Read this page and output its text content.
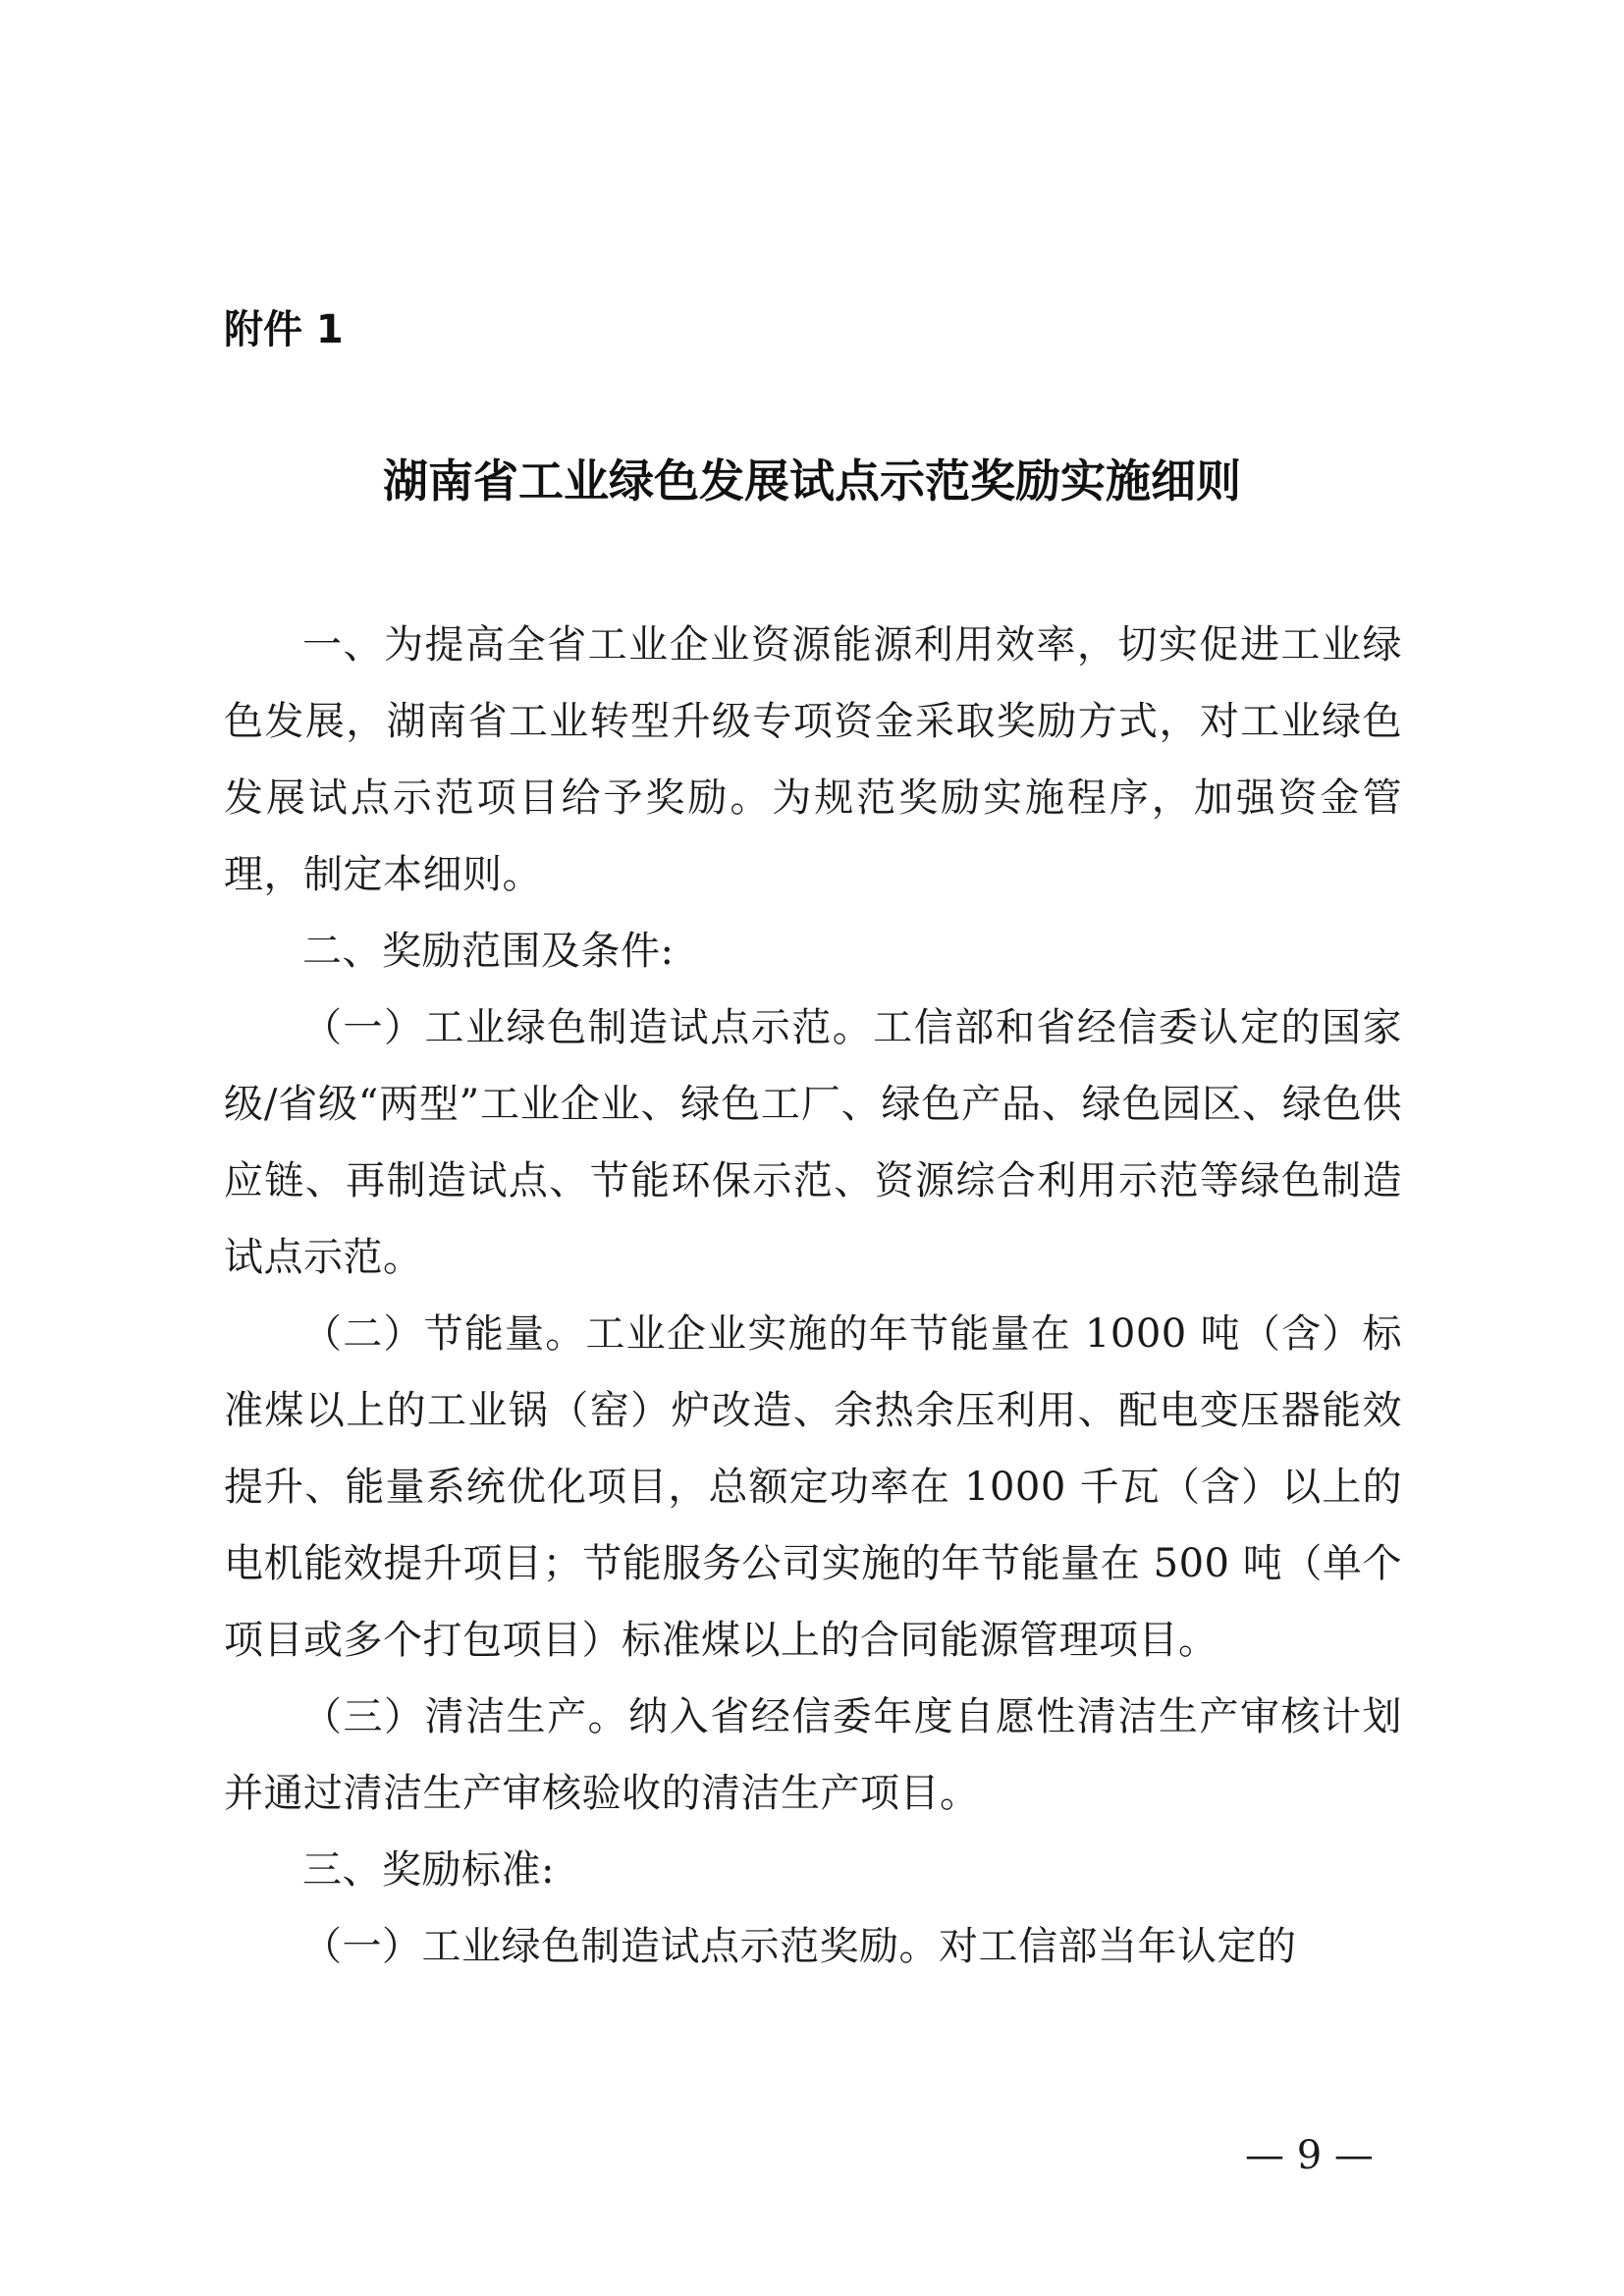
附件 1
湖南省工业绿色发展试点示范奖励实施细则

一、为提高全省工业企业资源能源利用效率，切实促进工业绿色发展，湖南省工业转型升级专项资金采取奖励方式，对工业绿色发展试点示范项目给予奖励。为规范奖励实施程序，加强资金管理，制定本细则。

二、奖励范围及条件:

（一）工业绿色制造试点示范。工信部和省经信委认定的国家级/省级“两型”工业企业、绿色工厂、绿色产品、绿色园区、绿色供应链、再制造试点、节能环保示范、资源综合利用示范等绿色制造试点示范。

（二）节能量。工业企业实施的年节能量在 1000 吨（含）标准煤以上的工业锅（窑）炉改造、余热余压利用、配电变压器能效提升、能量系统优化项目，总额定功率在 1000 千瓦（含）以上的电机能效提升项目；节能服务公司实施的年节能量在 500 吨（单个项目或多个打包项目）标准煤以上的合同能源管理项目。

（三）清洁生产。纳入省经信委年度自愿性清洁生产审核计划并通过清洁生产审核验收的清洁生产项目。

三、奖励标准:

（一）工业绿色制造试点示范奖励。对工信部当年认定的

— 9 —
